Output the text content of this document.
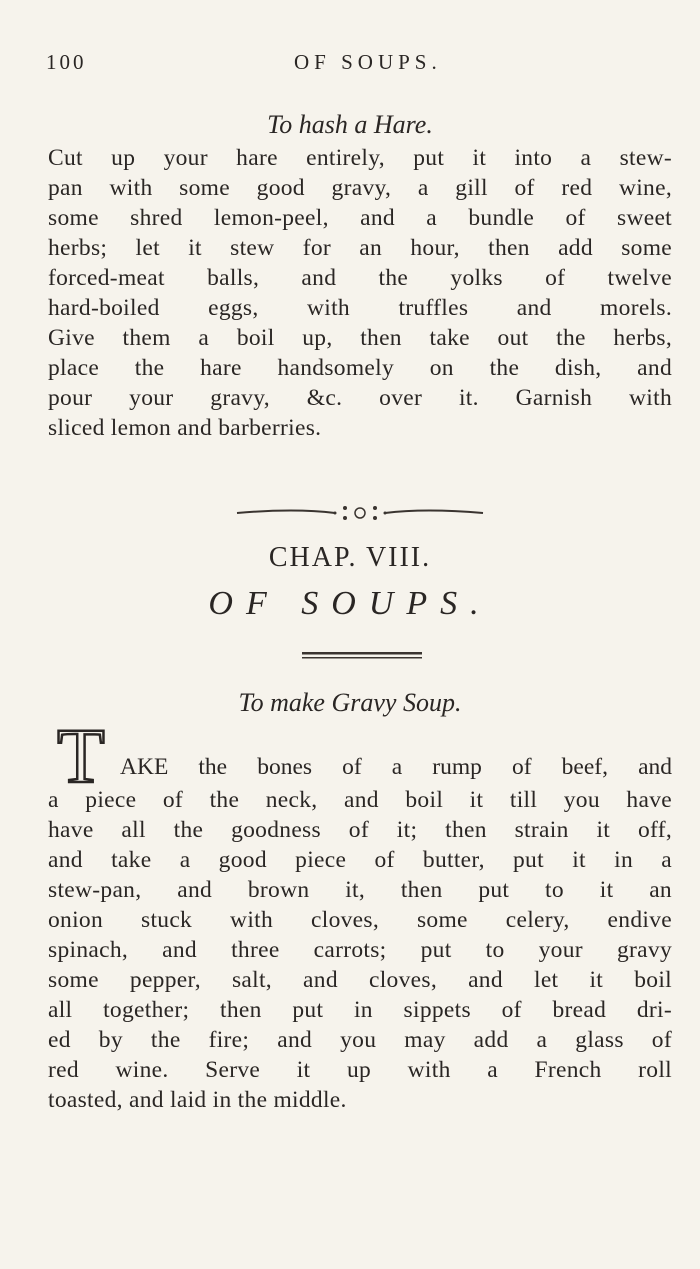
100	OF SOUPS.
To hash a Hare.
Cut up your hare entirely, put it into a stew-
pan with some good gravy, a gill of red wine,
some shred lemon-peel, and a bundle of sweet
herbs; let it stew for an hour, then add some
forced-meat balls, and the yolks of twelve
hard-boiled eggs, with truffles and morels.
Give them a boil up, then take out the herbs,
place the hare handsomely on the dish, and
pour your gravy, &c. over it. Garnish with
sliced lemon and barberries.
CHAP. VIII.
OF SOUPS.
To make Gravy Soup.
T AKE the bones of a rump of beef, and
a piece of the neck, and boil it till you have
have all the goodness of it; then strain it off,
and take a good piece of butter, put it in a
stew-pan, and brown it, then put to it an
onion stuck with cloves, some celery, endive
spinach, and three carrots; put to your gravy
some pepper, salt, and cloves, and let it boil
all together; then put in sippets of bread dri-
ed by the fire; and you may add a glass of
red wine. Serve it up with a French roll
toasted, and laid in the middle.
